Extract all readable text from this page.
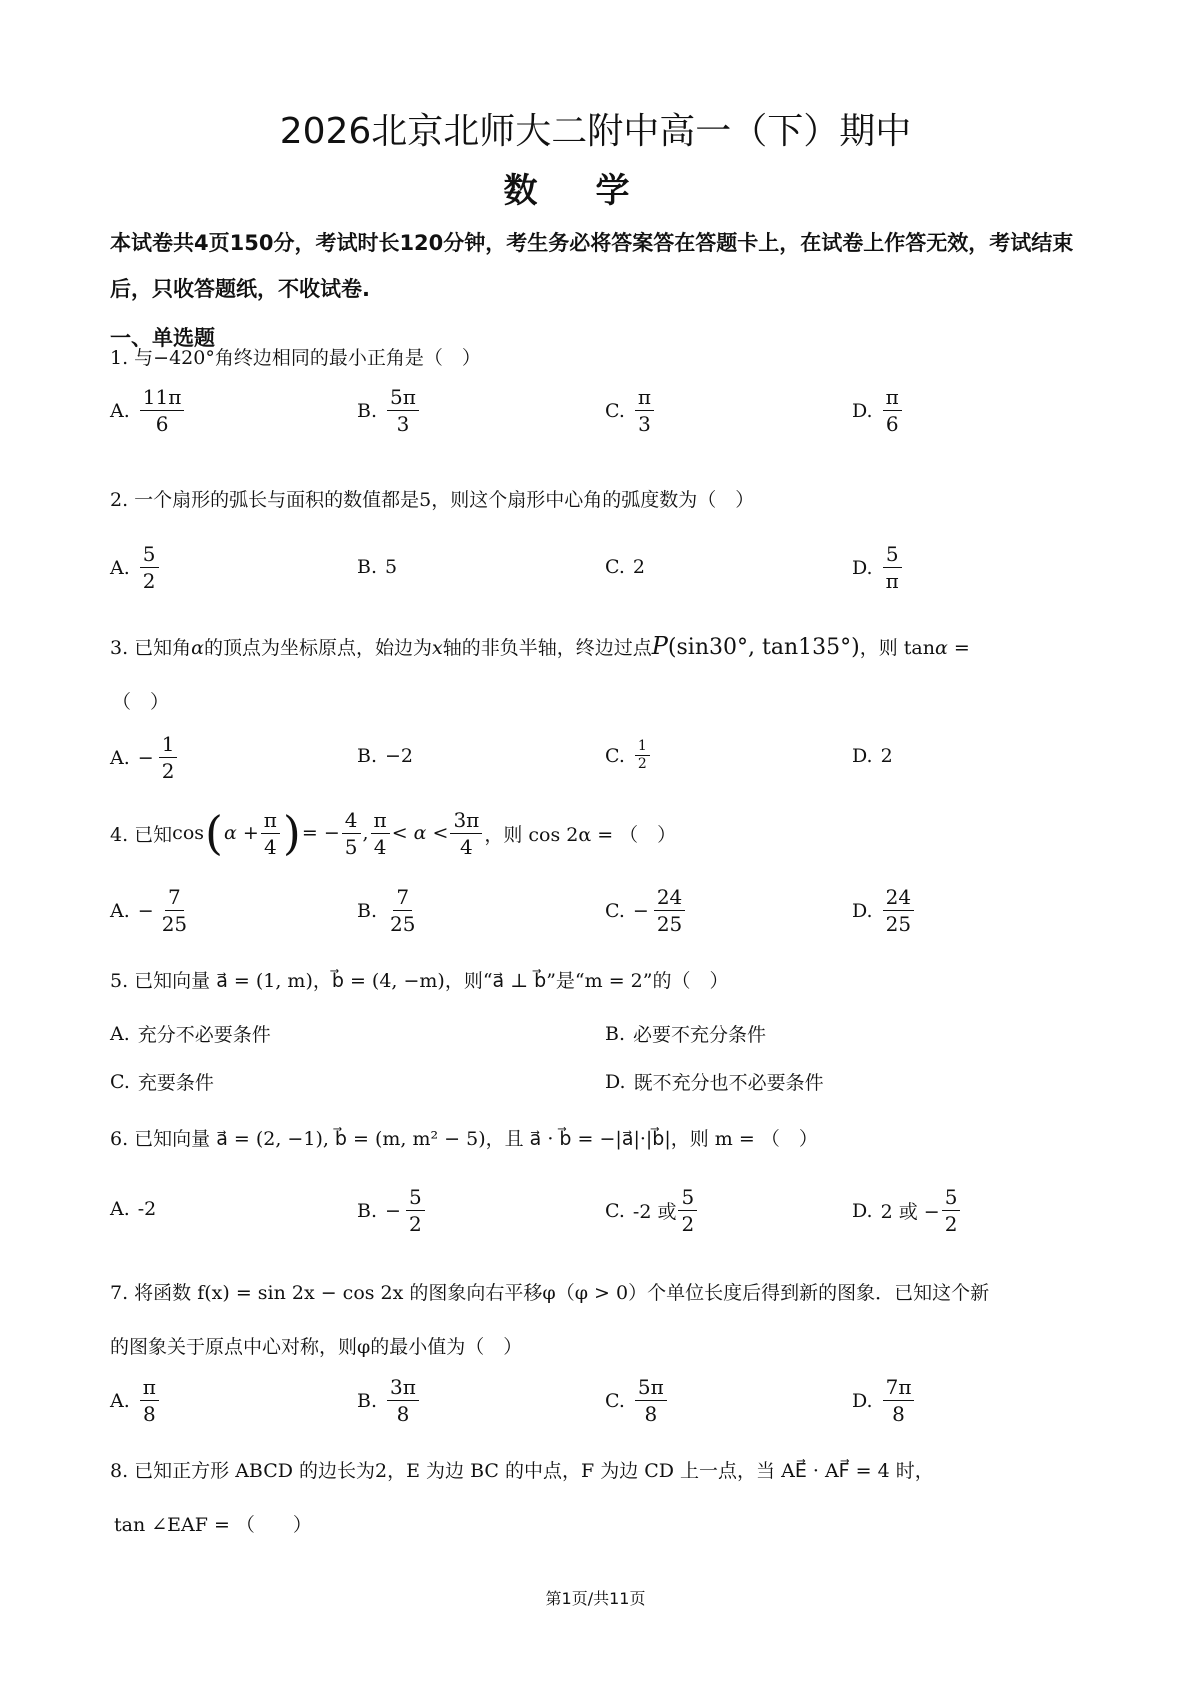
2026北京北师大二附中高一（下）期中
数学
本试卷共4页150分，考试时长120分钟，考生务必将答案答在答题卡上，在试卷上作答无效，考试结束后，只收答题纸，不收试卷.
一、单选题
1. 与−420°角终边相同的最小正角是（　）
A. $\frac{11\pi}{6}$	B. $\frac{5\pi}{3}$	C. $\frac{\pi}{3}$	D. $\frac{\pi}{6}$
2. 一个扇形的弧长与面积的数值都是5，则这个扇形中心角的弧度数为（　）
A. $\frac{5}{2}$	B. 5	C. 2	D. $\frac{5}{\pi}$
3. 已知角α的顶点为坐标原点，始边为x轴的非负半轴，终边过点P(sin30°, tan135°)，则 tanα =
（　）
A. − $\frac{1}{2}$	B. −2	C. $\frac{1}{2}$	D. 2
4. 已知 cos ( $\alpha + \frac{\pi}{4}$ ) = − $\frac{4}{5}$ , $\frac{\pi}{4} < \alpha < \frac{3\pi}{4}$ ，则 cos 2α = （　）
A. − $\frac{7}{25}$	B. $\frac{7}{25}$	C. − $\frac{24}{25}$	D. $\frac{24}{25}$
5. 已知向量 a⃗ = (1, m)，b⃗ = (4, −m)，则“a⃗ ⊥ b⃗”是“m = 2”的（　）
A. 充分不必要条件	B. 必要不充分条件
C. 充要条件	D. 既不充分也不必要条件
6. 已知向量 a⃗ = (2, −1), b⃗ = (m, m² − 5)，且 a⃗ · b⃗ = −|a⃗|·|b⃗|，则 m = （　）
A. -2	B. − $\frac{5}{2}$	C. -2 或 $\frac{5}{2}$	D. 2 或 − $\frac{5}{2}$
7. 将函数 f(x) = sin 2x − cos 2x 的图象向右平移φ（φ > 0）个单位长度后得到新的图象．已知这个新
的图象关于原点中心对称，则φ的最小值为（　）
A. $\frac{\pi}{8}$	B. $\frac{3\pi}{8}$	C. $\frac{5\pi}{8}$	D. $\frac{7\pi}{8}$
8. 已知正方形 ABCD 的边长为2，E 为边 BC 的中点，F 为边 CD 上一点，当 AE⃗ · AF⃗ = 4 时，
tan ∠EAF = （　　）
第1页/共11页
